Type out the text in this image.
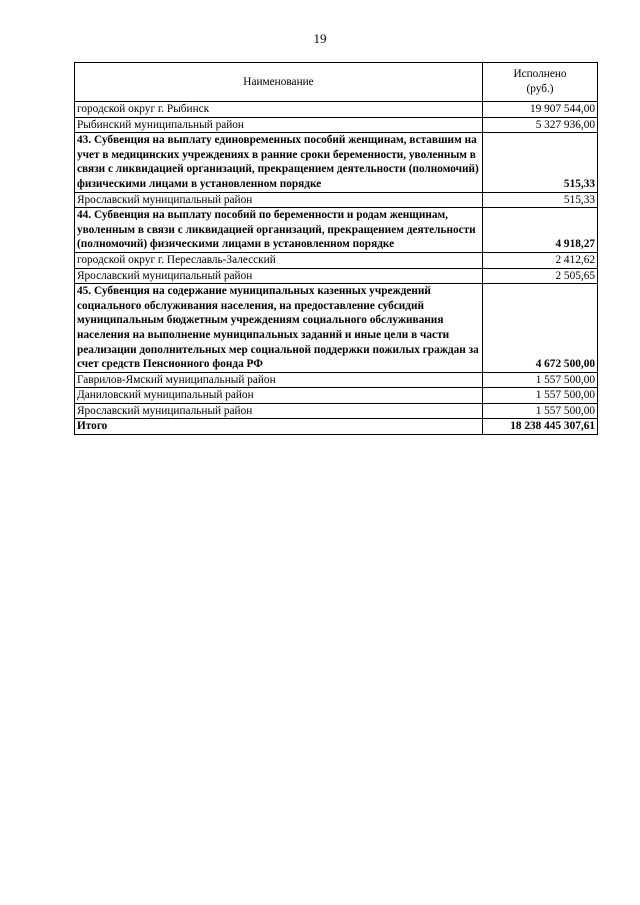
19
Наименование	Исполнено
(руб.)

городской округ г. Рыбинск	19 907 544,00
Рыбинский муниципальный район	5 327 936,00
43. Субвенция на выплату единовременных пособий женщинам, вставшим на учет в медицинских учреждениях в ранние сроки беременности, уволенным в связи с ликвидацией организаций, прекращением деятельности (полномочий) физическими лицами в установленном порядке	515,33
Ярославский муниципальный район	515,33
44. Субвенция на выплату пособий по беременности и родам женщинам, уволенным в связи с ликвидацией организаций, прекращением деятельности (полномочий) физическими лицами в установленном порядке	4 918,27
городской округ г. Переславль-Залесский	2 412,62
Ярославский муниципальный район	2 505,65
45. Субвенция на содержание муниципальных казенных учреждений социального обслуживания населения, на предоставление субсидий муниципальным бюджетным учреждениям социального обслуживания населения на выполнение муниципальных заданий и иные цели в части реализации дополнительных мер социальной поддержки пожилых граждан за счет средств Пенсионного фонда РФ	4 672 500,00
Гаврилов-Ямский муниципальный район	1 557 500,00
Даниловский муниципальный район	1 557 500,00
Ярославский муниципальный район	1 557 500,00
Итого	18 238 445 307,61
